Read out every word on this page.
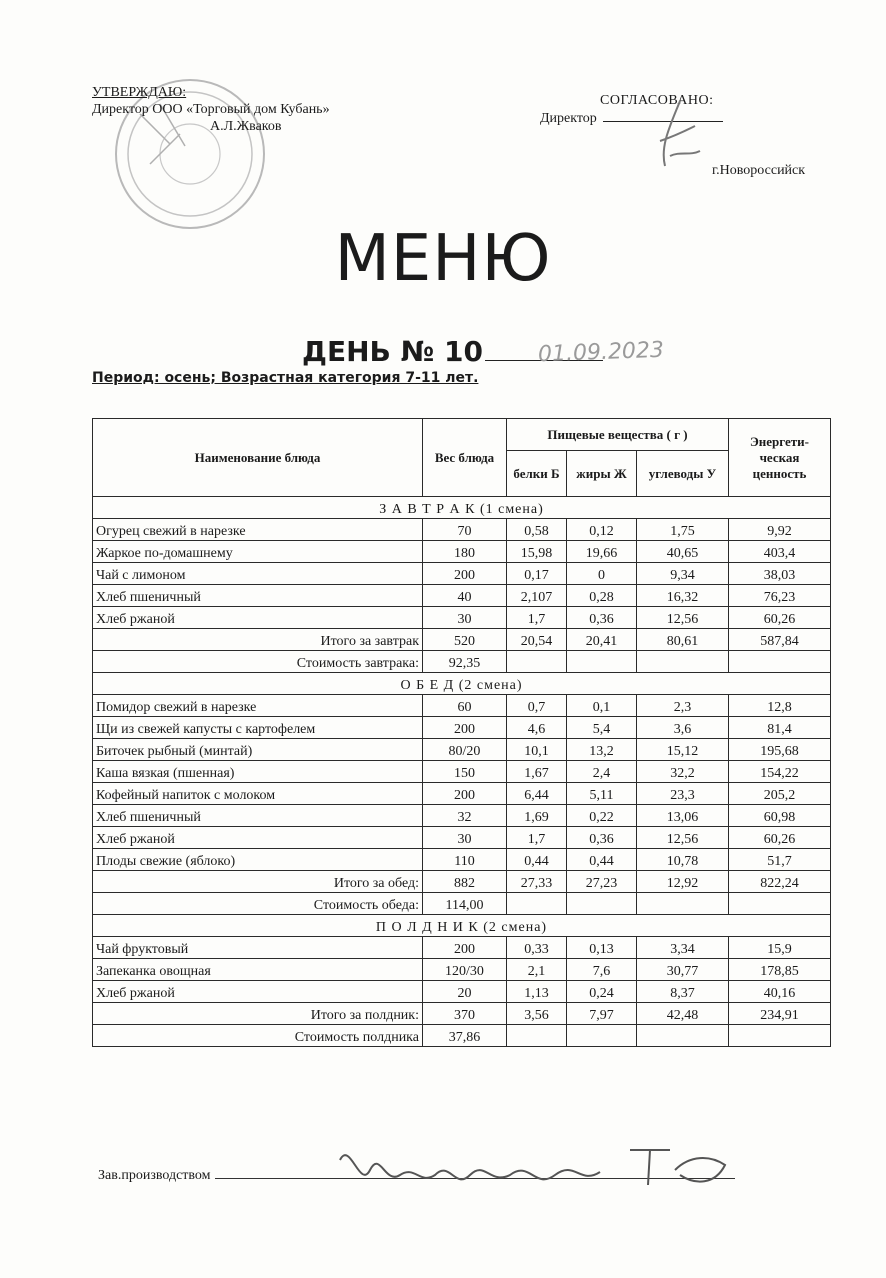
УТВЕРЖДАЮ:
Директор ООО «Торговый дом Кубань»
А.Л.Жваков
СОГЛАСОВАНО:
Директор
г.Новороссийск
МЕНЮ
ДЕНЬ № 10	01.09.2023
Период: осень; Возрастная категория 7-11 лет.
Наименование блюда	Вес блюда	Пищевые вещества ( г )			Энергети-ческая ценность
		белки Б	жиры Ж	углеводы У	
З А В Т Р А К (1 смена)					
Огурец свежий в нарезке	70	0,58	0,12	1,75	9,92
Жаркое по-домашнему	180	15,98	19,66	40,65	403,4
Чай с лимоном	200	0,17	0	9,34	38,03
Хлеб пшеничный	40	2,107	0,28	16,32	76,23
Хлеб ржаной	30	1,7	0,36	12,56	60,26
Итого за завтрак	520	20,54	20,41	80,61	587,84
Стоимость завтрака:	92,35				
О Б Е Д (2 смена)					
Помидор свежий в нарезке	60	0,7	0,1	2,3	12,8
Щи из свежей капусты с картофелем	200	4,6	5,4	3,6	81,4
Биточек рыбный (минтай)	80/20	10,1	13,2	15,12	195,68
Каша вязкая (пшенная)	150	1,67	2,4	32,2	154,22
Кофейный напиток с молоком	200	6,44	5,11	23,3	205,2
Хлеб пшеничный	32	1,69	0,22	13,06	60,98
Хлеб ржаной	30	1,7	0,36	12,56	60,26
Плоды свежие (яблоко)	110	0,44	0,44	10,78	51,7
Итого за обед:	882	27,33	27,23	12,92	822,24
Стоимость обеда:	114,00				
П О Л Д Н И К (2 смена)					
Чай фруктовый	200	0,33	0,13	3,34	15,9
Запеканка овощная	120/30	2,1	7,6	30,77	178,85
Хлеб ржаной	20	1,13	0,24	8,37	40,16
Итого за полдник:	370	3,56	7,97	42,48	234,91
Стоимость полдника	37,86				
Зав.производством
